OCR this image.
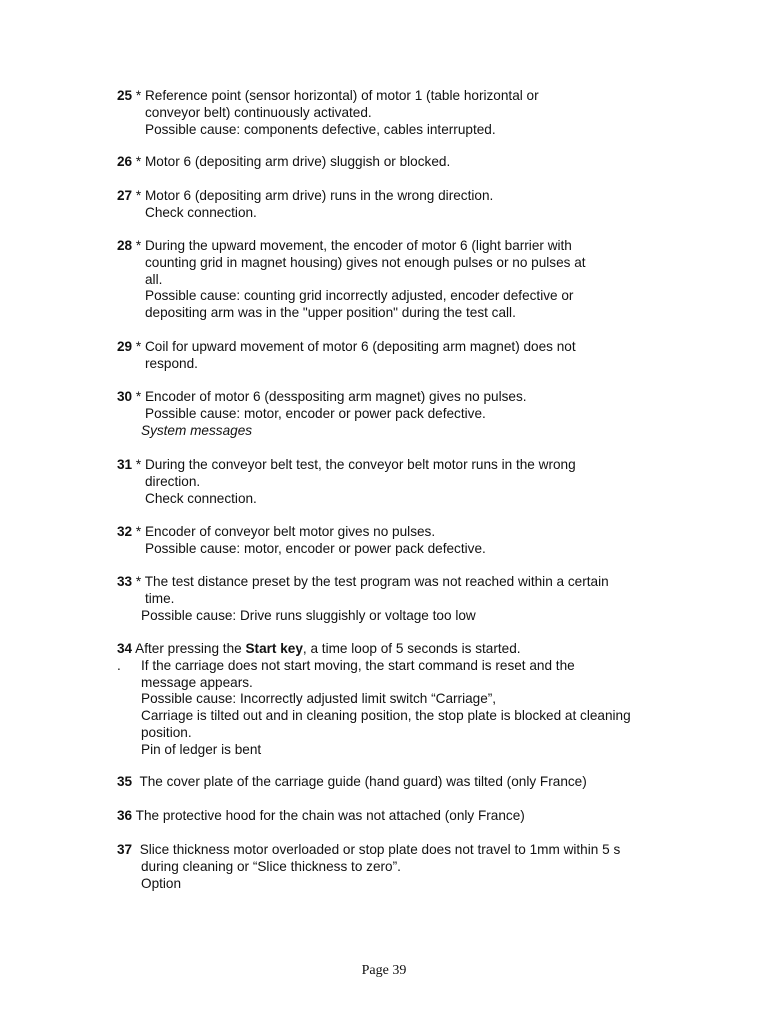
25 * Reference point (sensor horizontal) of motor 1 (table horizontal or
conveyor belt) continuously activated.
Possible cause: components defective, cables interrupted.
26 * Motor 6 (depositing arm drive) sluggish or blocked.
27 * Motor 6 (depositing arm drive) runs in the wrong direction.
Check connection.
28 * During the upward movement, the encoder of motor 6 (light barrier with
counting grid in magnet housing) gives not enough pulses or no pulses at
all.
Possible cause: counting grid incorrectly adjusted, encoder defective or
depositing arm was in the "upper position" during the test call.
29 * Coil for upward movement of motor 6 (depositing arm magnet) does not
respond.
30 * Encoder of motor 6 (desspositing arm magnet) gives no pulses.
Possible cause: motor, encoder or power pack defective.
System messages
31 * During the conveyor belt test, the conveyor belt motor runs in the wrong
direction.
Check connection.
32 * Encoder of conveyor belt motor gives no pulses.
Possible cause: motor, encoder or power pack defective.
33 * The test distance preset by the test program was not reached within a certain
time.
Possible cause: Drive runs sluggishly or voltage too low
34 After pressing the Start key, a time loop of 5 seconds is started.
. If the carriage does not start moving, the start command is reset and the
message appears.
Possible cause: Incorrectly adjusted limit switch “Carriage”,
Carriage is tilted out and in cleaning position, the stop plate is blocked at cleaning
position.
Pin of ledger is bent
35 The cover plate of the carriage guide (hand guard) was tilted (only France)
36 The protective hood for the chain was not attached (only France)
37 Slice thickness motor overloaded or stop plate does not travel to 1mm within 5 s
during cleaning or “Slice thickness to zero”.
Option
Page 39
